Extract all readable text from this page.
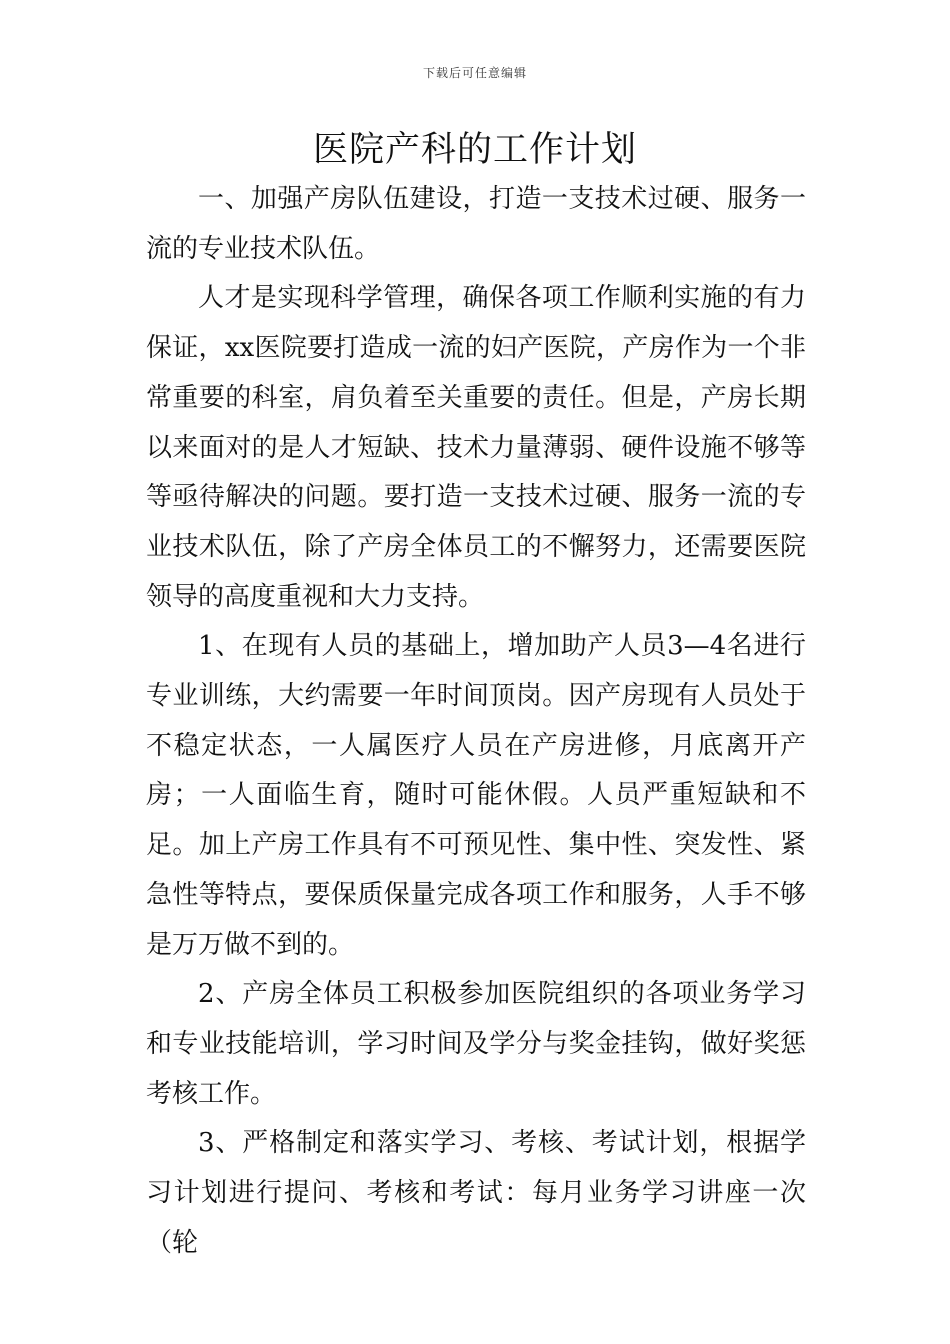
下载后可任意编辑
医院产科的工作计划

一、加强产房队伍建设，打造一支技术过硬、服务一流的专业技术队伍。

人才是实现科学管理，确保各项工作顺利实施的有力保证，xx医院要打造成一流的妇产医院，产房作为一个非常重要的科室，肩负着至关重要的责任。但是，产房长期以来面对的是人才短缺、技术力量薄弱、硬件设施不够等等亟待解决的问题。要打造一支技术过硬、服务一流的专业技术队伍，除了产房全体员工的不懈努力，还需要医院领导的高度重视和大力支持。

1、在现有人员的基础上，增加助产人员3—4名进行专业训练，大约需要一年时间顶岗。因产房现有人员处于不稳定状态，一人属医疗人员在产房进修，月底离开产房；一人面临生育，随时可能休假。人员严重短缺和不足。加上产房工作具有不可预见性、集中性、突发性、紧急性等特点，要保质保量完成各项工作和服务，人手不够是万万做不到的。

2、产房全体员工积极参加医院组织的各项业务学习和专业技能培训，学习时间及学分与奖金挂钩，做好奖惩考核工作。

3、严格制定和落实学习、考核、考试计划，根据学习计划进行提问、考核和考试：每月业务学习讲座一次（轮
